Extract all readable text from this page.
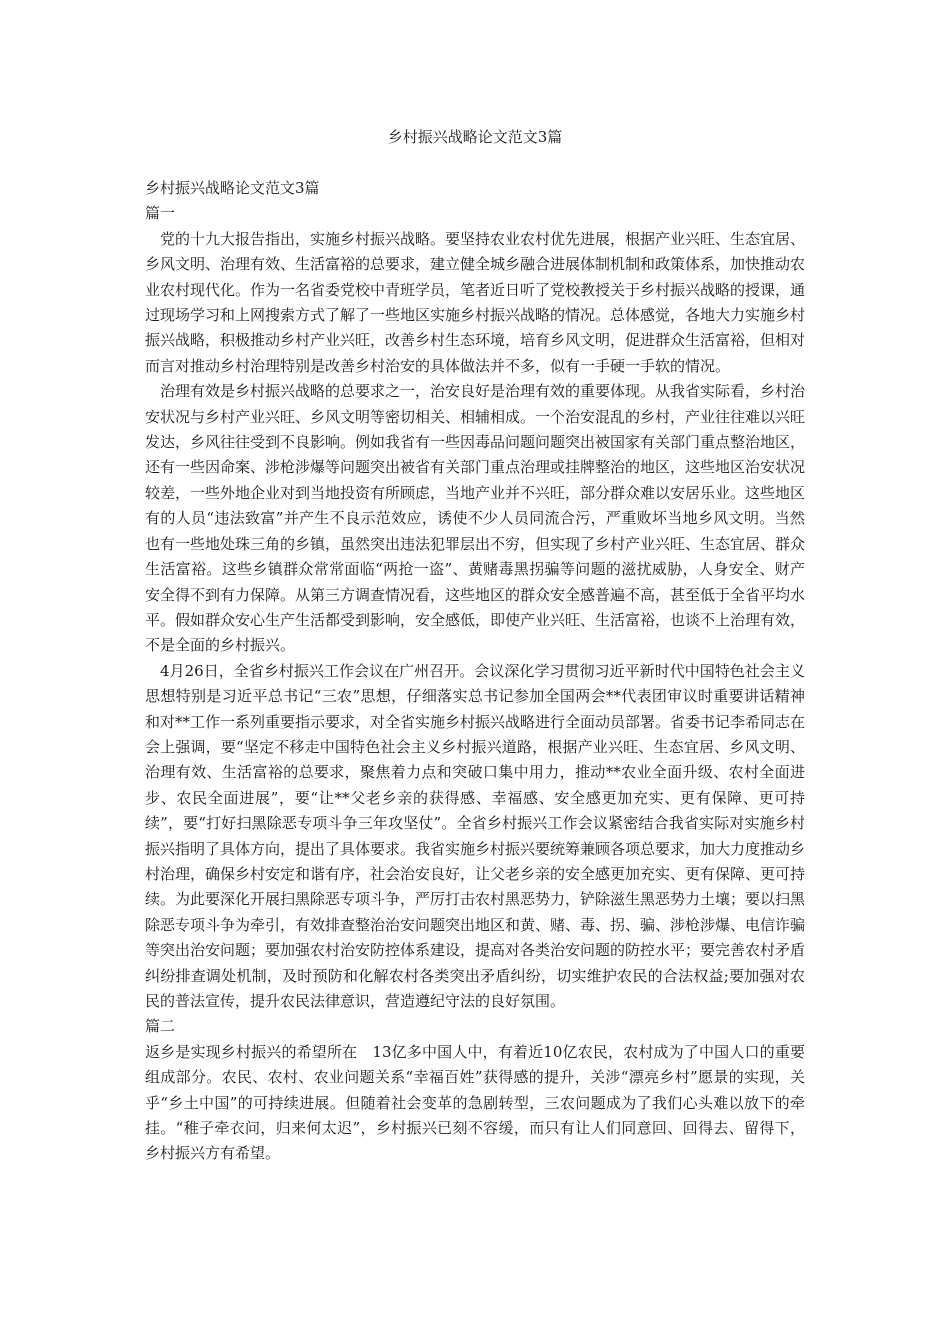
乡村振兴战略论文范文3篇

乡村振兴战略论文范文3篇

篇一

党的十九大报告指出，实施乡村振兴战略。要坚持农业农村优先进展，根据产业兴旺、生态宜居、乡风文明、治理有效、生活富裕的总要求，建立健全城乡融合进展体制机制和政策体系，加快推动农业农村现代化。作为一名省委党校中青班学员，笔者近日听了党校教授关于乡村振兴战略的授课，通过现场学习和上网搜索方式了解了一些地区实施乡村振兴战略的情况。总体感觉，各地大力实施乡村振兴战略，积极推动乡村产业兴旺，改善乡村生态环境，培育乡风文明，促进群众生活富裕，但相对而言对推动乡村治理特别是改善乡村治安的具体做法并不多，似有一手硬一手软的情况。

治理有效是乡村振兴战略的总要求之一，治安良好是治理有效的重要体现。从我省实际看，乡村治安状况与乡村产业兴旺、乡风文明等密切相关、相辅相成。一个治安混乱的乡村，产业往往难以兴旺发达，乡风往往受到不良影响。例如我省有一些因毒品问题问题突出被国家有关部门重点整治地区，还有一些因命案、涉枪涉爆等问题突出被省有关部门重点治理或挂牌整治的地区，这些地区治安状况较差，一些外地企业对到当地投资有所顾虑，当地产业并不兴旺，部分群众难以安居乐业。这些地区有的人员“违法致富”并产生不良示范效应，诱使不少人员同流合污，严重败坏当地乡风文明。当然也有一些地处珠三角的乡镇，虽然突出违法犯罪层出不穷，但实现了乡村产业兴旺、生态宜居、群众生活富裕。这些乡镇群众常常面临“两抢一盗”、黄赌毒黑拐骗等问题的滋扰威胁，人身安全、财产安全得不到有力保障。从第三方调查情况看，这些地区的群众安全感普遍不高，甚至低于全省平均水平。假如群众安心生产生活都受到影响，安全感低，即使产业兴旺、生活富裕，也谈不上治理有效，不是全面的乡村振兴。

4月26日，全省乡村振兴工作会议在广州召开。会议深化学习贯彻习近平新时代中国特色社会主义思想特别是习近平总书记“三农”思想，仔细落实总书记参加全国两会**代表团审议时重要讲话精神和对**工作一系列重要指示要求，对全省实施乡村振兴战略进行全面动员部署。省委书记李希同志在会上强调，要“坚定不移走中国特色社会主义乡村振兴道路，根据产业兴旺、生态宜居、乡风文明、治理有效、生活富裕的总要求，聚焦着力点和突破口集中用力，推动**农业全面升级、农村全面进步、农民全面进展”，要“让**父老乡亲的获得感、幸福感、安全感更加充实、更有保障、更可持续”，要“打好扫黑除恶专项斗争三年攻坚仗”。全省乡村振兴工作会议紧密结合我省实际对实施乡村振兴指明了具体方向，提出了具体要求。我省实施乡村振兴要统筹兼顾各项总要求，加大力度推动乡村治理，确保乡村安定和谐有序，社会治安良好，让父老乡亲的安全感更加充实、更有保障、更可持续。为此要深化开展扫黑除恶专项斗争，严厉打击农村黑恶势力，铲除滋生黑恶势力土壤；要以扫黑除恶专项斗争为牵引，有效排查整治治安问题突出地区和黄、赌、毒、拐、骗、涉枪涉爆、电信诈骗等突出治安问题；要加强农村治安防控体系建设，提高对各类治安问题的防控水平；要完善农村矛盾纠纷排查调处机制，及时预防和化解农村各类突出矛盾纠纷，切实维护农民的合法权益;要加强对农民的普法宣传，提升农民法律意识，营造遵纪守法的良好氛围。

篇二

返乡是实现乡村振兴的希望所在　13亿多中国人中，有着近10亿农民，农村成为了中国人口的重要组成部分。农民、农村、农业问题关系“幸福百姓”获得感的提升，关涉“漂亮乡村”愿景的实现，关乎“乡土中国”的可持续进展。但随着社会变革的急剧转型，三农问题成为了我们心头难以放下的牵挂。“稚子牵衣问，归来何太迟”，乡村振兴已刻不容缓，而只有让人们同意回、回得去、留得下，乡村振兴方有希望。
